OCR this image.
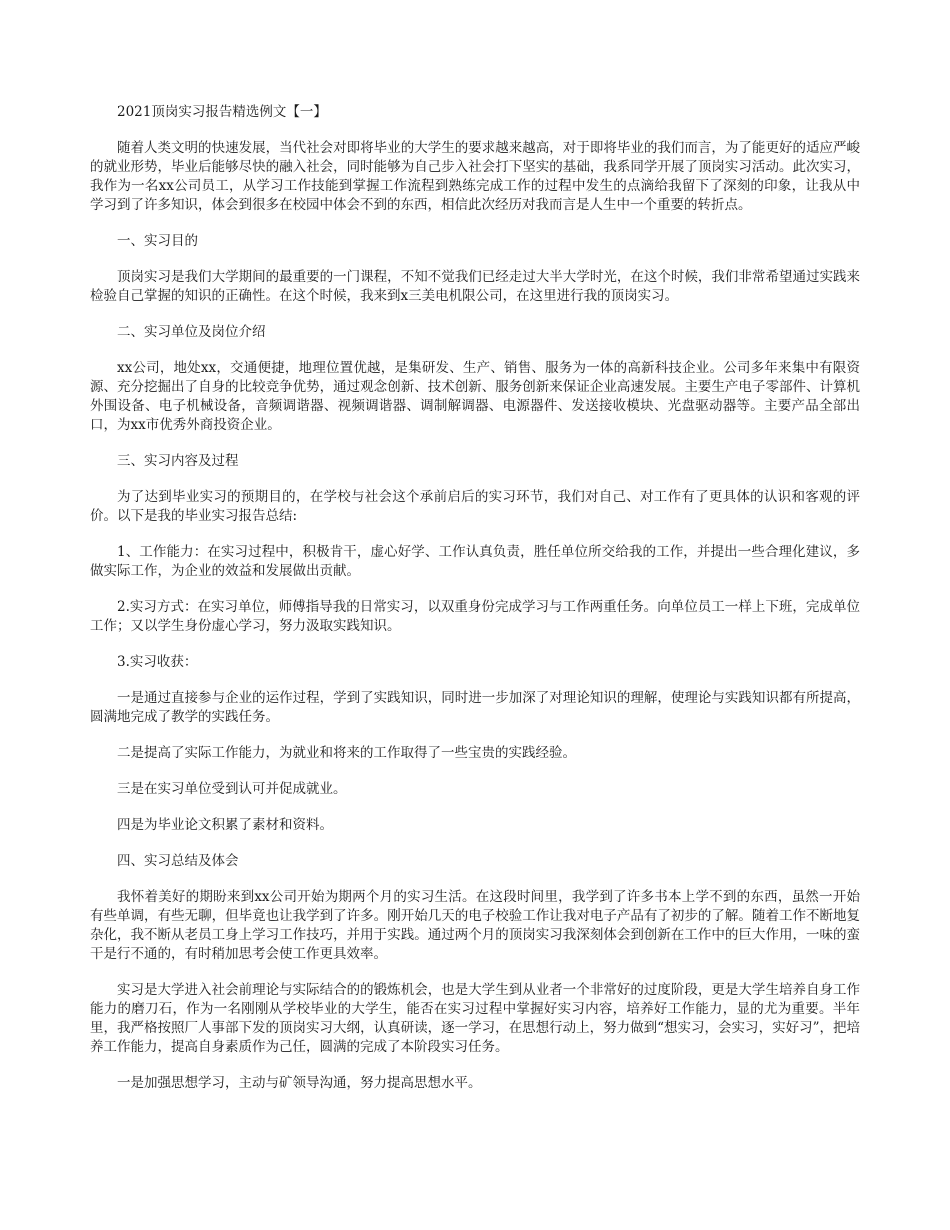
2021顶岗实习报告精选例文【一】

随着人类文明的快速发展，当代社会对即将毕业的大学生的要求越来越高，对于即将毕业的我们而言，为了能更好的适应严峻的就业形势，毕业后能够尽快的融入社会，同时能够为自己步入社会打下坚实的基础，我系同学开展了顶岗实习活动。此次实习，我作为一名xx公司员工，从学习工作技能到掌握工作流程到熟练完成工作的过程中发生的点滴给我留下了深刻的印象，让我从中学习到了许多知识，体会到很多在校园中体会不到的东西，相信此次经历对我而言是人生中一个重要的转折点。

一、实习目的

顶岗实习是我们大学期间的最重要的一门课程，不知不觉我们已经走过大半大学时光，在这个时候，我们非常希望通过实践来检验自己掌握的知识的正确性。在这个时候，我来到x三美电机限公司，在这里进行我的顶岗实习。

二、实习单位及岗位介绍

xx公司，地处xx，交通便捷，地理位置优越，是集研发、生产、销售、服务为一体的高新科技企业。公司多年来集中有限资源、充分挖掘出了自身的比较竞争优势，通过观念创新、技术创新、服务创新来保证企业高速发展。主要生产电子零部件、计算机外围设备、电子机械设备，音频调谐器、视频调谐器、调制解调器、电源器件、发送接收模块、光盘驱动器等。主要产品全部出口，为xx市优秀外商投资企业。

三、实习内容及过程

为了达到毕业实习的预期目的，在学校与社会这个承前启后的实习环节，我们对自己、对工作有了更具体的认识和客观的评价。以下是我的毕业实习报告总结:

1、工作能力：在实习过程中，积极肯干，虚心好学、工作认真负责，胜任单位所交给我的工作，并提出一些合理化建议，多做实际工作，为企业的效益和发展做出贡献。

2.实习方式：在实习单位，师傅指导我的日常实习，以双重身份完成学习与工作两重任务。向单位员工一样上下班，完成单位工作；又以学生身份虚心学习，努力汲取实践知识。

3.实习收获：

一是通过直接参与企业的运作过程，学到了实践知识，同时进一步加深了对理论知识的理解，使理论与实践知识都有所提高，圆满地完成了教学的实践任务。

二是提高了实际工作能力，为就业和将来的工作取得了一些宝贵的实践经验。

三是在实习单位受到认可并促成就业。

四是为毕业论文积累了素材和资料。

四、实习总结及体会

我怀着美好的期盼来到xx公司开始为期两个月的实习生活。在这段时间里，我学到了许多书本上学不到的东西，虽然一开始有些单调，有些无聊，但毕竟也让我学到了许多。刚开始几天的电子校验工作让我对电子产品有了初步的了解。随着工作不断地复杂化，我不断从老员工身上学习工作技巧，并用于实践。通过两个月的顶岗实习我深刻体会到创新在工作中的巨大作用，一味的蛮干是行不通的，有时稍加思考会使工作更具效率。

实习是大学进入社会前理论与实际结合的的锻炼机会，也是大学生到从业者一个非常好的过度阶段，更是大学生培养自身工作能力的磨刀石，作为一名刚刚从学校毕业的大学生，能否在实习过程中掌握好实习内容，培养好工作能力，显的尤为重要。半年里，我严格按照厂人事部下发的顶岗实习大纲，认真研读，逐一学习，在思想行动上，努力做到“想实习，会实习，实好习”，把培养工作能力，提高自身素质作为己任，圆满的完成了本阶段实习任务。

一是加强思想学习，主动与矿领导沟通，努力提高思想水平。
